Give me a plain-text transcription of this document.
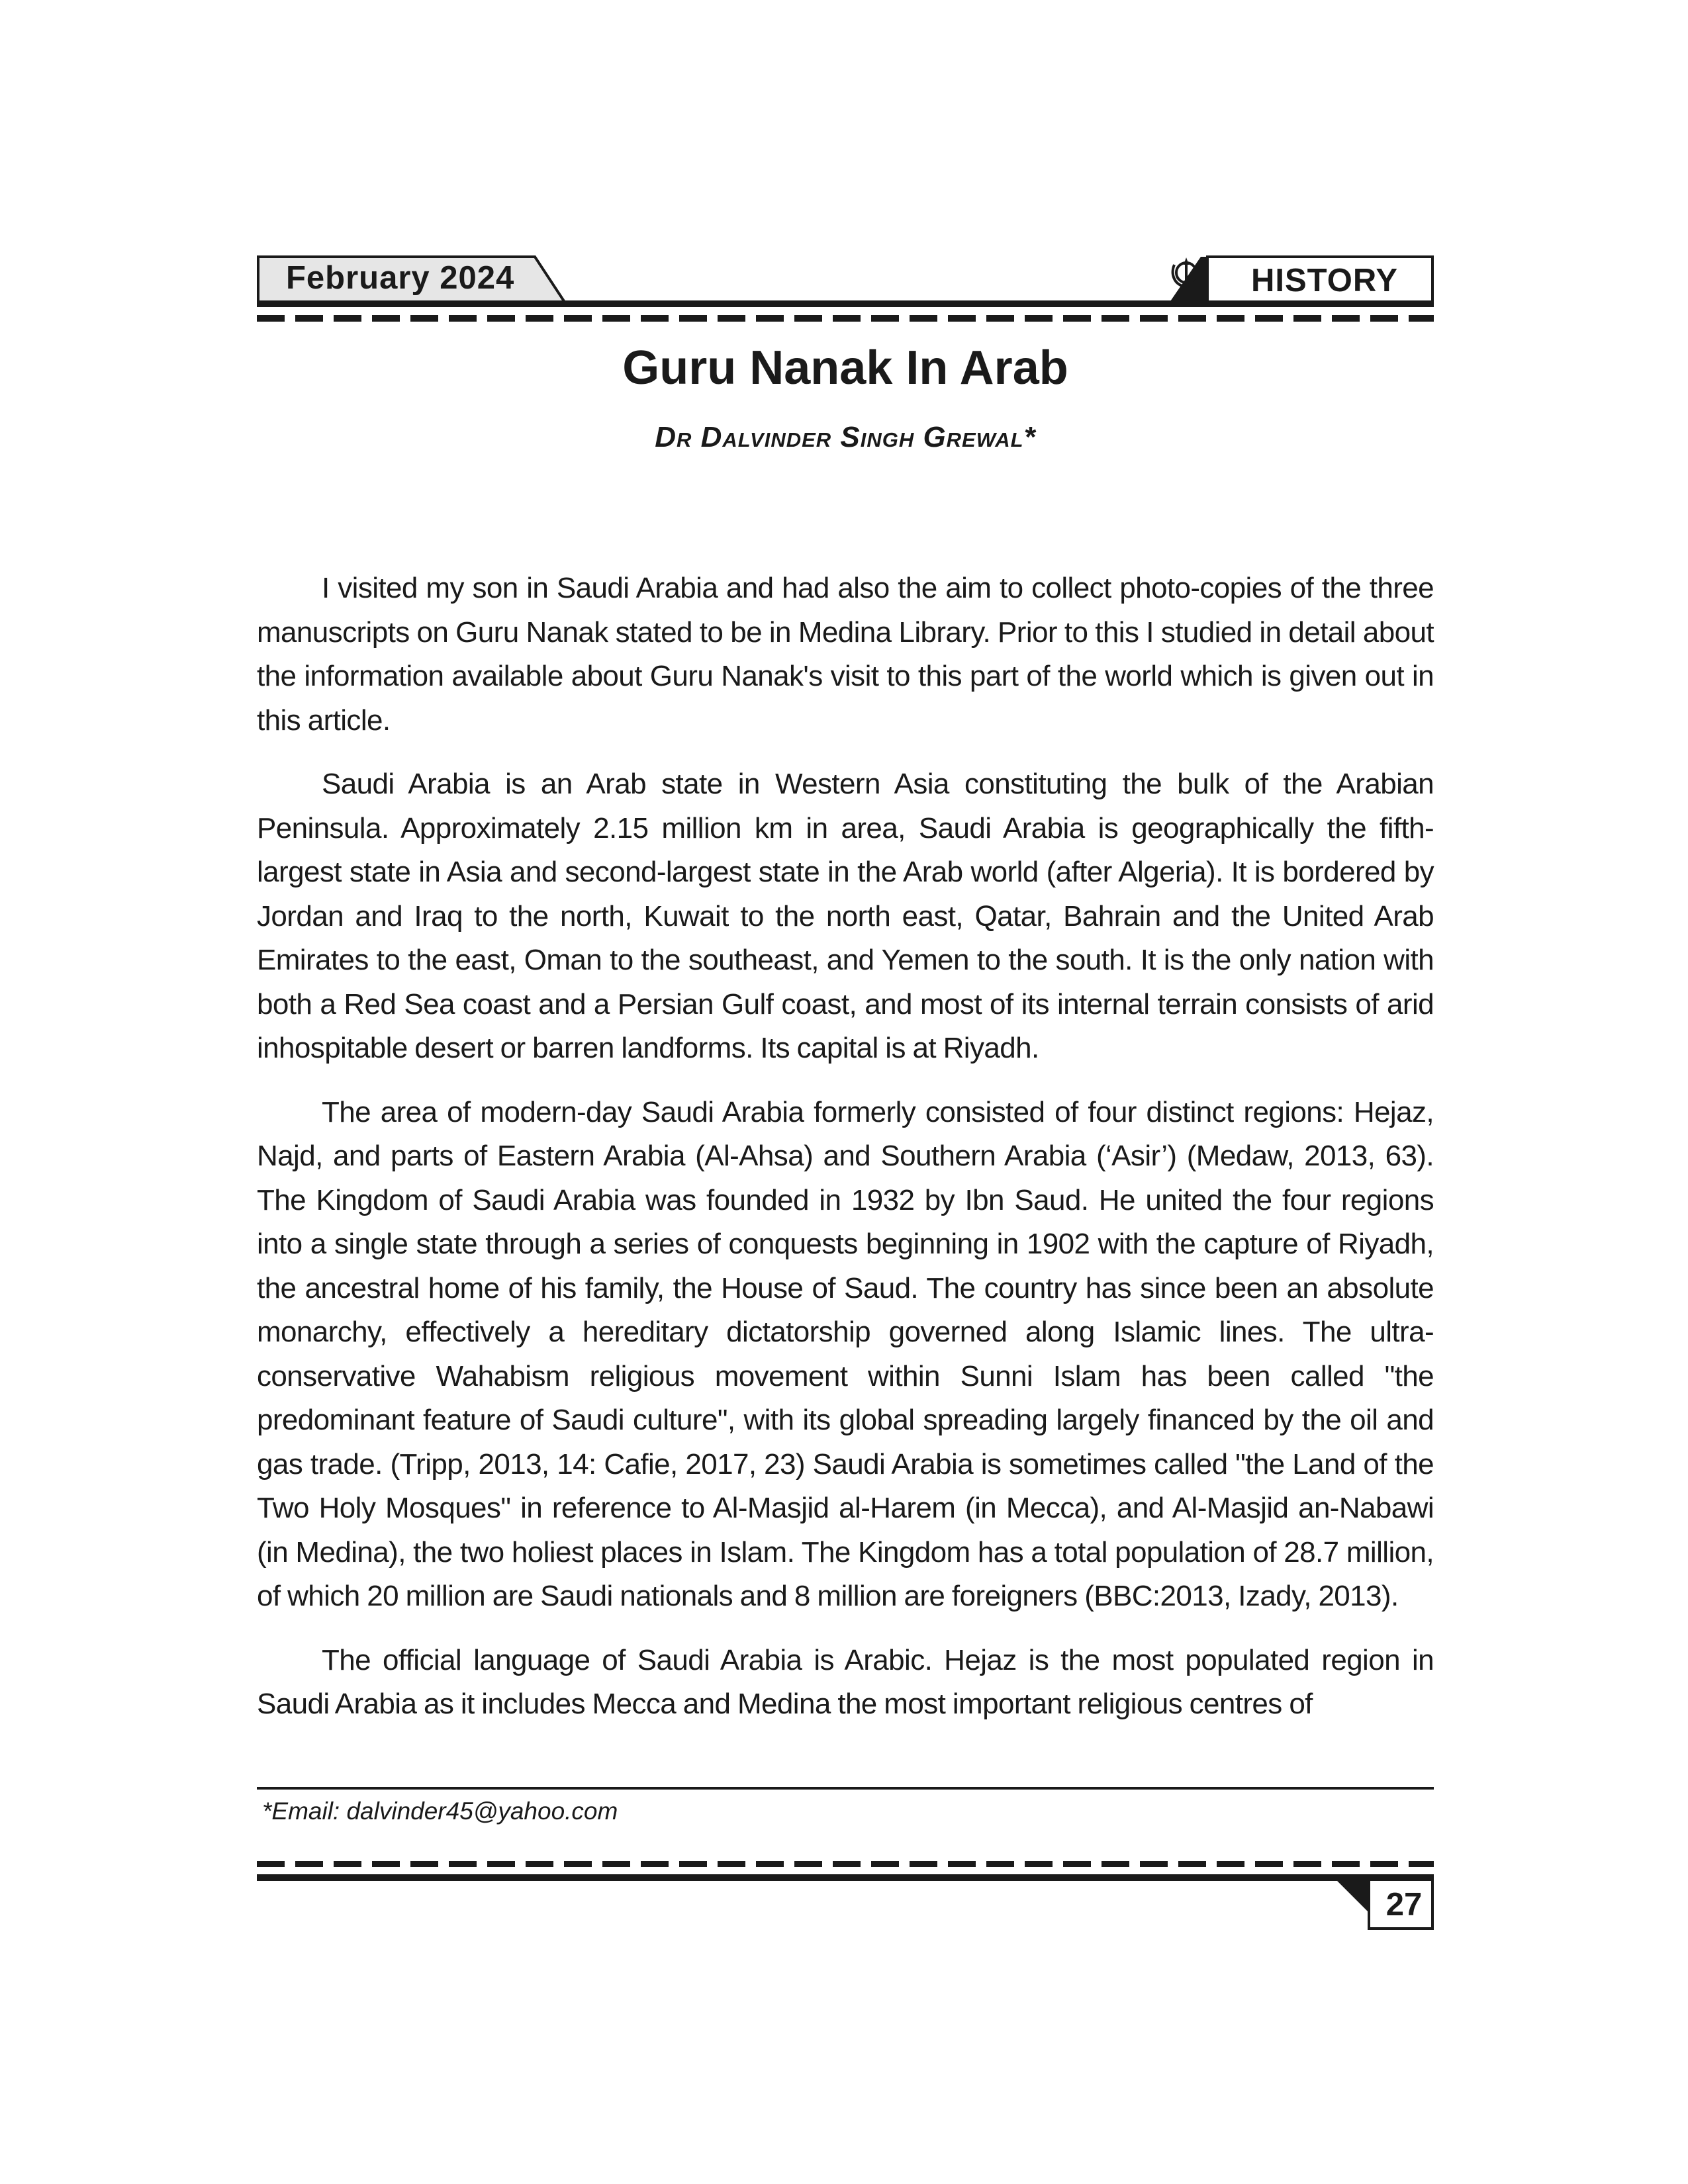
February 2024	HISTORY
Guru Nanak In Arab

Dr Dalvinder Singh Grewal*

I visited my son in Saudi Arabia and had also the aim to collect photo-copies of the three manuscripts on Guru Nanak stated to be in Medina Library. Prior to this I studied in detail about the information available about Guru Nanak's visit to this part of the world which is given out in this article.

Saudi Arabia is an Arab state in Western Asia constituting the bulk of the Arabian Peninsula. Approximately 2.15 million km in area, Saudi Arabia is geographically the fifth-largest state in Asia and second-largest state in the Arab world (after Algeria). It is bordered by Jordan and Iraq to the north, Kuwait to the north east, Qatar, Bahrain and the United Arab Emirates to the east, Oman to the southeast, and Yemen to the south. It is the only nation with both a Red Sea coast and a Persian Gulf coast, and most of its internal terrain consists of arid inhospitable desert or barren landforms. Its capital is at Riyadh.

The area of modern-day Saudi Arabia formerly consisted of four distinct regions: Hejaz, Najd, and parts of Eastern Arabia (Al-Ahsa) and Southern Arabia (‘Asir’) (Medaw, 2013, 63). The Kingdom of Saudi Arabia was founded in 1932 by Ibn Saud. He united the four regions into a single state through a series of conquests beginning in 1902 with the capture of Riyadh, the ancestral home of his family, the House of Saud. The country has since been an absolute monarchy, effectively a hereditary dictatorship governed along Islamic lines. The ultra-conservative Wahabism religious movement within Sunni Islam has been called "the predominant feature of Saudi culture", with its global spreading largely financed by the oil and gas trade. (Tripp, 2013, 14: Cafie, 2017, 23) Saudi Arabia is sometimes called "the Land of the Two Holy Mosques" in reference to Al-Masjid al-Harem (in Mecca), and Al-Masjid an-Nabawi (in Medina), the two holiest places in Islam. The Kingdom has a total population of 28.7 million, of which 20 million are Saudi nationals and 8 million are foreigners (BBC:2013, Izady, 2013).

The official language of Saudi Arabia is Arabic. Hejaz is the most populated region in Saudi Arabia as it includes Mecca and Medina the most important religious centres of

*Email: dalvinder45@yahoo.com

27
